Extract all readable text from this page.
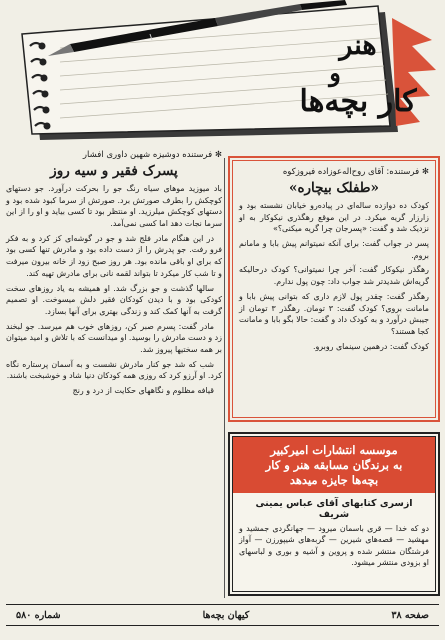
هنر
و
کار بچه‌ها
✻ فرستنده دوشیزه شهین داوری افشار
پسرک فقیر و سیه روز

باد میوزید موهای سیاه رنگ جو را بحرکت درآورد. جو دستهای کوچکش را بطرف صورتش برد. صورتش از سرما کبود شده بود و دستهای کوچکش میلرزید. او منتظر بود تا کسی بیاید و او را از این سرما نجات دهد اما کسی نمی‌آمد.

در این هنگام مادر فلج شد و جو در گوشه‌ای کز کرد و به فکر فرو رفت. جو پدرش را از دست داده بود و مادرش تنها کسی بود که برای او باقی مانده بود. هر روز صبح زود از خانه بیرون میرفت و تا شب کار میکرد تا بتواند لقمه نانی برای مادرش تهیه کند.

سالها گذشت و جو بزرگ شد. او همیشه به یاد روزهای سخت کودکی بود و با دیدن کودکان فقیر دلش میسوخت. او تصمیم گرفت به آنها کمک کند و زندگی بهتری برای آنها بسازد.

مادر گفت: پسرم صبر کن، روزهای خوب هم میرسد. جو لبخند زد و دست مادرش را بوسید. او میدانست که با تلاش و امید میتوان بر همه سختیها پیروز شد.

شب که شد جو کنار مادرش نشست و به آسمان پرستاره نگاه کرد. او آرزو کرد که روزی همه کودکان دنیا شاد و خوشبخت باشند.

قیافه مظلوم و نگاههای حکایت از درد و رنج

✻ فرستنده: آقای روح‌اله‌عوزاده فیروزکوه
«طفلک بیچاره»

کودک ده دوازده ساله‌ای در پیاده‌رو خیابان نشسته بود و زارزار گریه میکرد. در این موقع رهگذری نیکوکار به او نزدیک شد و گفت: «پسرجان چرا گریه میکنی؟»

پسر در جواب گفت: برای آنکه نمیتوانم پیش بابا و مامانم بروم.

رهگذر نیکوکار گفت: آخر چرا نمیتوانی؟ کودک درحالیکه گریه‌اش شدیدتر شد جواب داد: چون پول ندارم.

رهگذر گفت: چقدر پول لازم داری که بتوانی پیش بابا و مامانت بروی؟ کودک گفت: ۳ تومان. رهگذر ۳ تومان از جیبش درآورد و به کودک داد و گفت: حالا بگو بابا و مامانت کجا هستند؟

کودک گفت: درهمین سینمای روبرو.

موسسه انتشارات امیرکبیر
به برندگان مسابقه هنر و کار
بچه‌ها جایزه میدهد
ازسری کتابهای آقای عباس یمینی شریف
دو که خدا — قری باسمان میرود — جهانگردی جمشید و مهشید — قصه‌های شیرین — گربه‌های شیپورزن — آواز فرشتگان منتشر شده و پروین و آشیه و بوری و لباسهای او بزودی منتشر میشود.
شماره ۵۸۰	کیهان بچه‌ها	صفحه ۳۸
